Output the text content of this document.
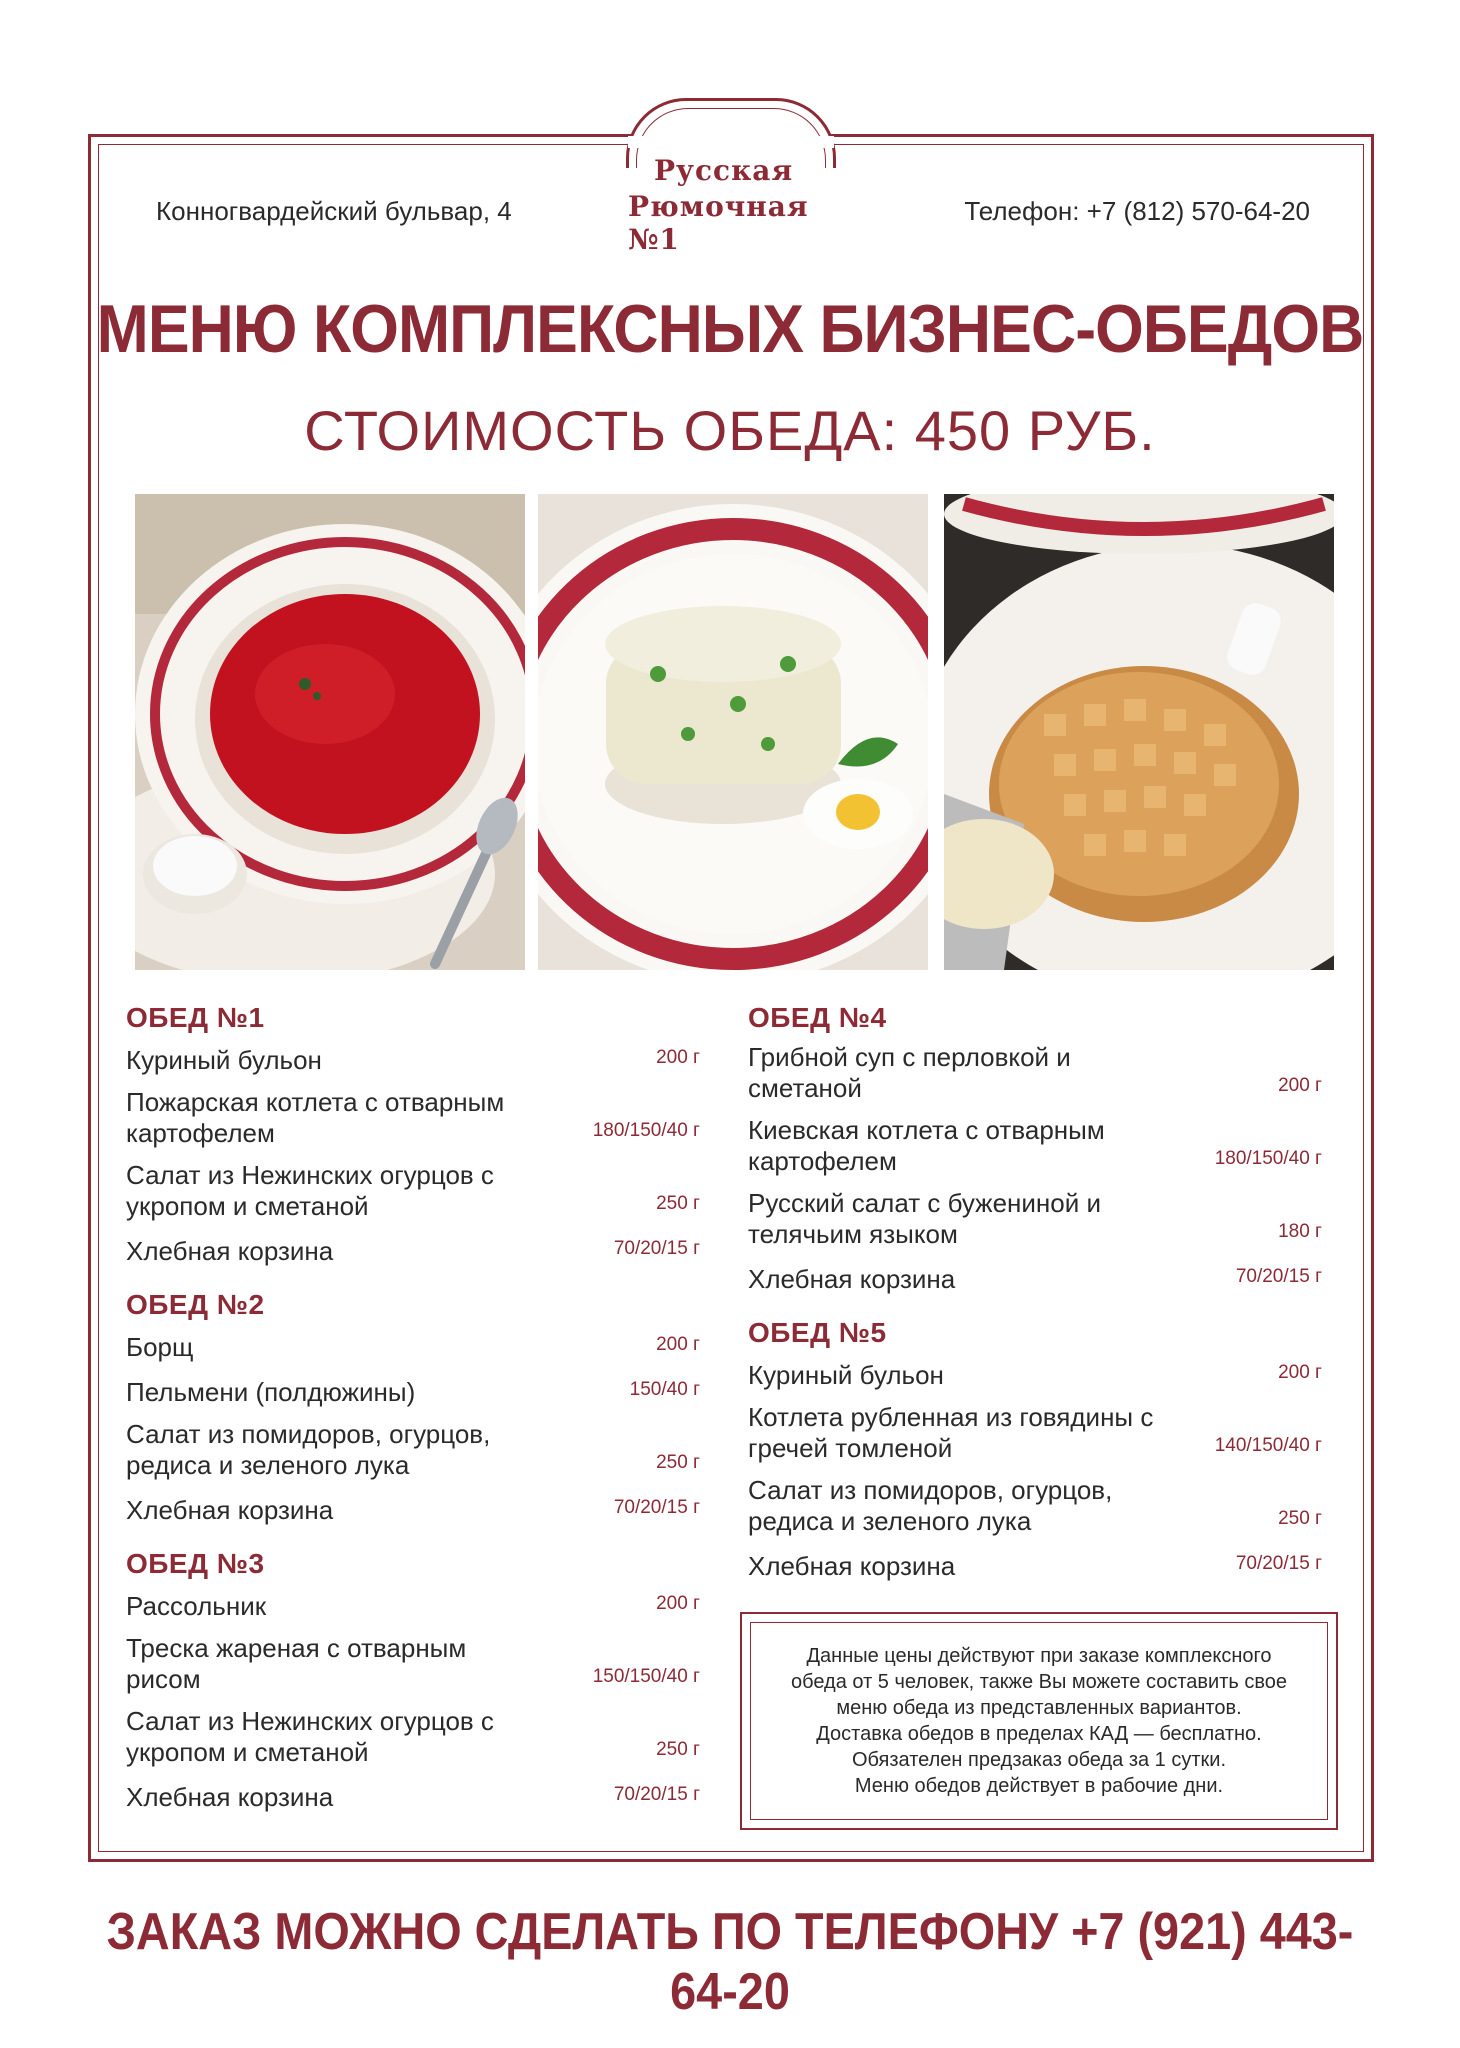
Русская
Рюмочная №1
Конногвардейский бульвар, 4	Телефон: +7 (812) 570-64-20
МЕНЮ КОМПЛЕКСНЫХ БИЗНЕС-ОБЕДОВ
СТОИМОСТЬ ОБЕДА: 450 РУБ.
ОБЕД №1
Куриный бульон	200 г
Пожарская котлета с отварным картофелем	180/150/40 г
Салат из Нежинских огурцов с укропом и сметаной	250 г
Хлебная корзина	70/20/15 г
ОБЕД №2
Борщ	200 г
Пельмени (полдюжины)	150/40 г
Салат из помидоров, огурцов, редиса и зеленого лука	250 г
Хлебная корзина	70/20/15 г
ОБЕД №3
Рассольник	200 г
Треска жареная с отварным рисом	150/150/40 г
Салат из Нежинских огурцов с укропом и сметаной	250 г
Хлебная корзина	70/20/15 г
ОБЕД №4
Грибной суп с перловкой и сметаной	200 г
Киевская котлета с отварным картофелем	180/150/40 г
Русский салат с бужениной и телячьим языком	180 г
Хлебная корзина	70/20/15 г
ОБЕД №5
Куриный бульон	200 г
Котлета рубленная из говядины с гречей томленой	140/150/40 г
Салат из помидоров, огурцов, редиса и зеленого лука	250 г
Хлебная корзина	70/20/15 г
Данные цены действуют при заказе комплексного
обеда от 5 человек, также Вы можете составить свое
меню обеда из представленных вариантов.
Доставка обедов в пределах КАД — бесплатно.
Обязателен предзаказ обеда за 1 сутки.
Меню обедов действует в рабочие дни.
ЗАКАЗ МОЖНО СДЕЛАТЬ ПО ТЕЛЕФОНУ +7 (921) 443-64-20
